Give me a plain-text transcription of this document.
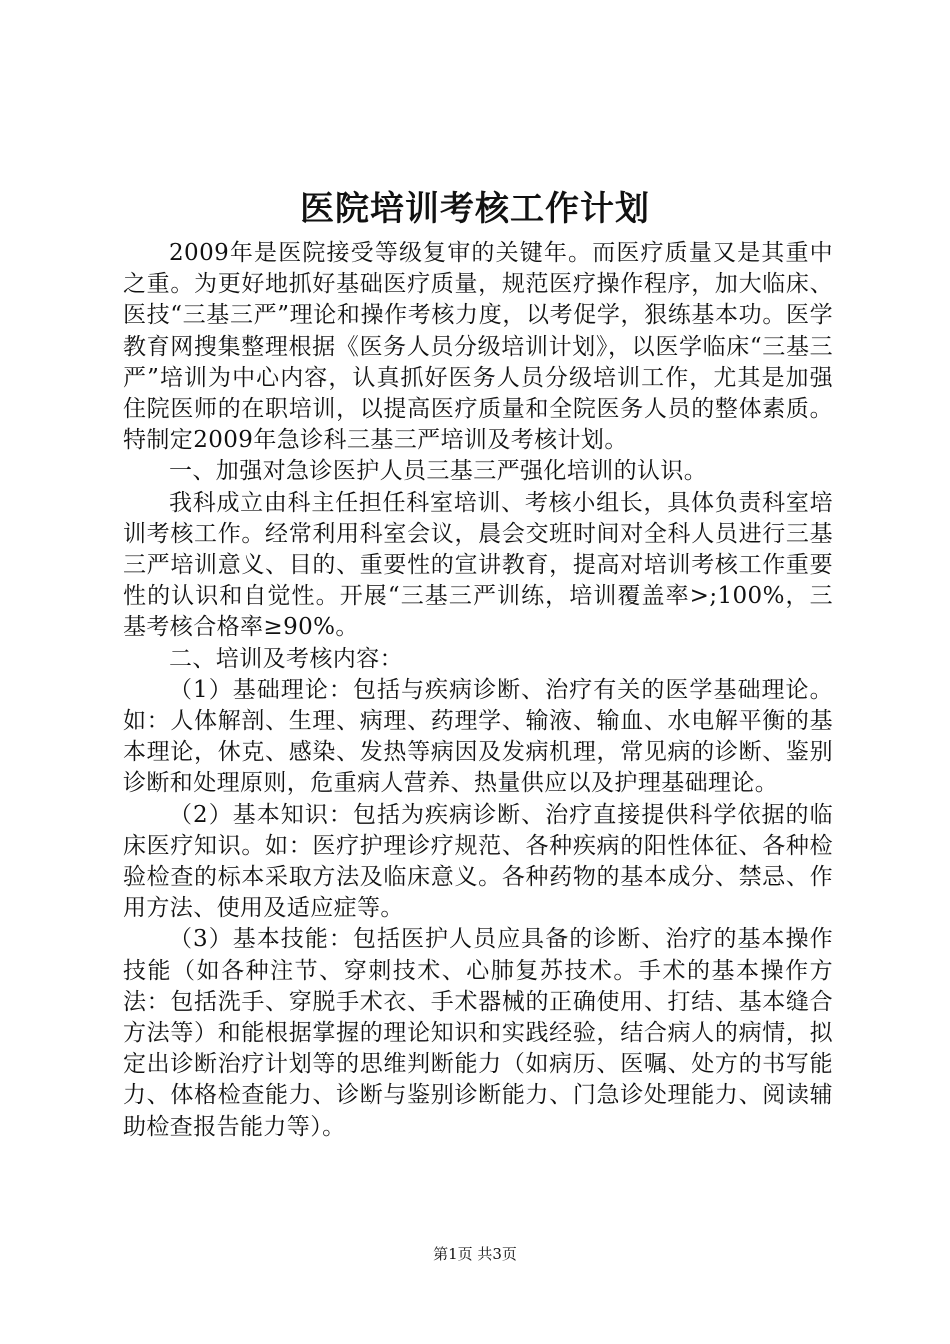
医院培训考核工作计划

2009年是医院接受等级复审的关键年。而医疗质量又是其重中之重。为更好地抓好基础医疗质量，规范医疗操作程序，加大临床、医技“三基三严”理论和操作考核力度，以考促学，狠练基本功。医学教育网搜集整理根据《医务人员分级培训计划》，以医学临床“三基三严”培训为中心内容，认真抓好医务人员分级培训工作，尤其是加强住院医师的在职培训，以提高医疗质量和全院医务人员的整体素质。特制定2009年急诊科三基三严培训及考核计划。

一、加强对急诊医护人员三基三严强化培训的认识。

我科成立由科主任担任科室培训、考核小组长，具体负责科室培训考核工作。经常利用科室会议，晨会交班时间对全科人员进行三基三严培训意义、目的、重要性的宣讲教育，提高对培训考核工作重要性的认识和自觉性。开展“三基三严训练，培训覆盖率>;100%，三基考核合格率≥90%。

二、培训及考核内容：

（1）基础理论：包括与疾病诊断、治疗有关的医学基础理论。如：人体解剖、生理、病理、药理学、输液、输血、水电解平衡的基本理论，休克、感染、发热等病因及发病机理，常见病的诊断、鉴别诊断和处理原则，危重病人营养、热量供应以及护理基础理论。

（2）基本知识：包括为疾病诊断、治疗直接提供科学依据的临床医疗知识。如：医疗护理诊疗规范、各种疾病的阳性体征、各种检验检查的标本采取方法及临床意义。各种药物的基本成分、禁忌、作用方法、使用及适应症等。

（3）基本技能：包括医护人员应具备的诊断、治疗的基本操作技能（如各种注节、穿刺技术、心肺复苏技术。手术的基本操作方法：包括洗手、穿脱手术衣、手术器械的正确使用、打结、基本缝合方法等）和能根据掌握的理论知识和实践经验，结合病人的病情，拟定出诊断治疗计划等的思维判断能力（如病历、医嘱、处方的书写能力、体格检查能力、诊断与鉴别诊断能力、门急诊处理能力、阅读辅助检查报告能力等）。

第1页 共3页
